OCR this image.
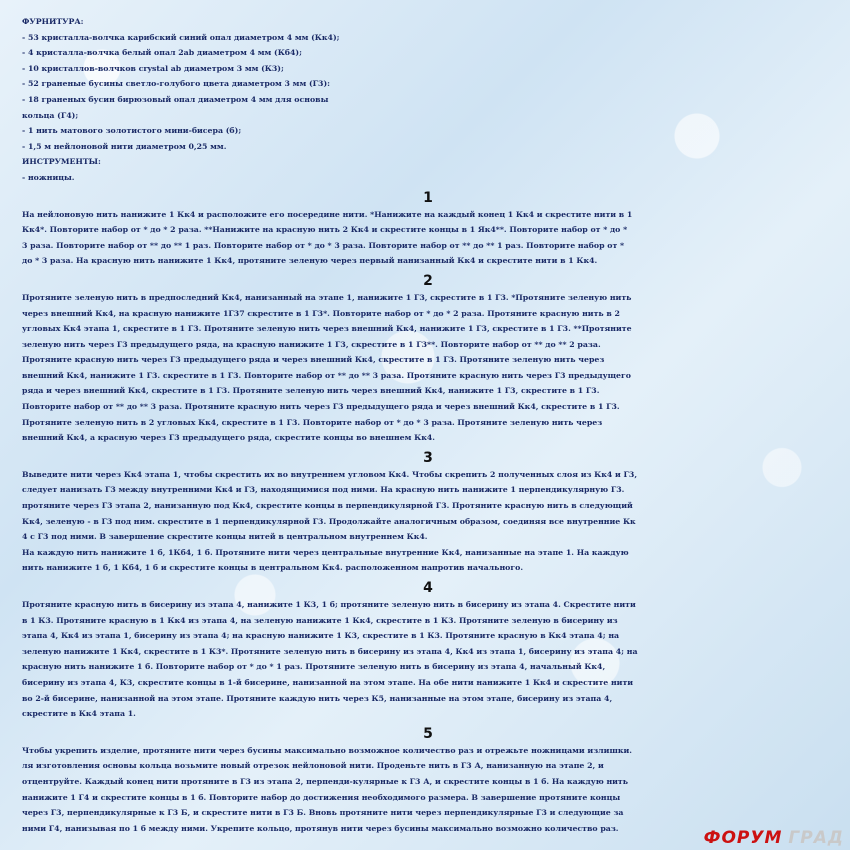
ФУРНИТУРА:
- 53 кристалла-волчка карибский синий опал диаметром 4 мм (Кк4);
- 4 кристалла-волчка белый опал 2ab диаметром 4 мм (Кб4);
- 10 кристаллов-волчков crystal ab диаметром 3 мм (К3);
- 52 граненые бусины светло-голубого цвета диаметром 3 мм (Г3):
- 18 граненых бусин бирюзовый опал диаметром 4 мм для основы
кольца (Г4);
- 1 нить матового золотистого мини-бисера (б);
- 1,5 м нейлоновой нити диаметром 0,25 мм.
ИНСТРУМЕНТЫ:
- ножницы.
1
На нейлоновую нить нанижите 1 Кк4 и расположите его посередине нити. *Нанижите на каждый конец 1 Кк4 и скрестите нити в 1
Кк4*. Повторите набор от * до * 2 раза. **Нанижите на красную нить 2 Кк4 и скрестите концы в 1 Як4**. Повторите набор от * до *
3 раза. Повторите набор от ** до ** 1 раз. Повторите набор от * до * 3 раза. Повторите набор от ** до ** 1 раз. Повторите набор от *
до * 3 раза. На красную нить нанижите 1 Кк4, протяните зеленую через первый нанизанный Кк4 и скрестите нити в 1 Кк4.
2
Протяните зеленую нить в предпоследний Кк4, нанизанный на этапе 1, нанижите 1 Г3, скрестите в 1 Г3. *Протяните зеленую нить
через внешний Кк4, на красную нанижите 1Г37 скрестите в 1 Г3*. Повторите набор от * до * 2 раза. Протяните красную нить в 2
угловых Кк4 этапа 1, скрестите в 1 Г3. Протяните зеленую нить через внешний Кк4, нанижите 1 Г3, скрестите в 1 Г3. **Протяните
зеленую нить через Г3 предыдущего ряда, на красную нанижите 1 Г3, скрестите в 1 Г3**. Повторите набор от ** до ** 2 раза.
Протяните красную нить через Г3 предыдущего ряда и через внешний Кк4, скрестите в 1 Г3. Протяните зеленую нить через
внешний Кк4, нанижите 1 Г3. скрестите в 1 Г3. Повторите набор от ** до ** 3 раза. Протяните красную нить через Г3 предыдущего
ряда и через внешний Кк4, скрестите в 1 Г3. Протяните зеленую нить через внешний Кк4, нанижите 1 Г3, скрестите в 1 Г3.
Повторите набор от ** до ** 3 раза. Протяните красную нить через Г3 предыдущего ряда и через внешний Кк4, скрестите в 1 Г3.
Протяните зеленую нить в 2 угловых Кк4, скрестите в 1 Г3. Повторите набор от * до * 3 раза. Протяните зеленую нить через
внешний Кк4, а красную через Г3 предыдущего ряда, скрестите концы во внешнем Кк4.
3
Выведите нити через Кк4 этапа 1, чтобы скрестить их во внутреннем угловом Кк4. Чтобы скрепить 2 полученных слоя из Кк4 и Г3,
следует нанизать Г3 между внутренними Кк4 и Г3, находящимися под ними. На красную нить нанижите 1 перпендикулярную Г3.
протяните через Г3 этапа 2, нанизанную под Кк4, скрестите концы в перпендикулярной Г3. Протяните красную нить в следующий
Кк4, зеленую - в Г3 под ним. скрестите в 1 перпендикулярной Г3. Продолжайте аналогичным образом, соединяя все внутренние Кк
4 с Г3 под ними. В завершение скрестите концы нитей в центральном внутреннем Кк4.
На каждую нить нанижите 1 б, 1Кб4, 1 б. Протяните нити через центральные внутренние Кк4, нанизанные на этапе 1. На каждую
нить нанижите 1 б, 1 Кб4, 1 б и скрестите концы в центральном Кк4. расположенном напротив начального.
4
Протяните красную нить в бисерину из этапа 4, нанижите 1 К3, 1 б; протяните зеленую нить в бисерину из этапа 4. Скрестите нити
в 1 К3. Протяните красную в 1 Кк4 из этапа 4, на зеленую нанижите 1 Кк4, скрестите в 1 К3. Протяните зеленую в бисерину из
этапа 4, Кк4 из этапа 1, бисерину из этапа 4; на красную нанижите 1 К3, скрестите в 1 К3. Протяните красную в Кк4 этапа 4; на
зеленую нанижите 1 Кк4, скрестите в 1 К3*. Протяните зеленую нить в бисерину из этапа 4, Кк4 из этапа 1, бисерину из этапа 4; на
красную нить нанижите 1 б. Повторите набор от * до * 1 раз. Протяните зеленую нить в бисерину из этапа 4, начальный Кк4,
бисерину из этапа 4, К3, скрестите концы в 1-й бисерине, нанизанной на этом этапе. На обе нити нанижите 1 Кк4 и скрестите нити
во 2-й бисерине, нанизанной на этом этапе. Протяните каждую нить через К5, нанизанные на этом этапе, бисерину из этапа 4,
скрестите в Кк4 этапа 1.
5
Чтобы укрепить изделие, протяните нити через бусины максимально возможное количество раз и отрежьте ножницами излишки.
ля изготовления основы кольца возьмите новый отрезок нейлоновой нити. Проденьте нить в Г3 А, нанизанную на этапе 2, и
отцентруйте. Каждый конец нити протяните в Г3 из этапа 2, перпенди-кулярные к Г3 А, и скрестите концы в 1 б. На каждую нить
нанижите 1 Г4 и скрестите концы в 1 б. Повторите набор до достижения необходимого размера. В завершение протяните концы
через Г3, перпендикулярные к Г3 Б, и скрестите нити в Г3 Б. Вновь протяните нити через перпендикулярные Г3 и следующие за
ними Г4, нанизывая по 1 б между ними. Укрепите кольцо, протянув нити через бусины максимально возможно количество раз.	ФОРУМ ГРАД
